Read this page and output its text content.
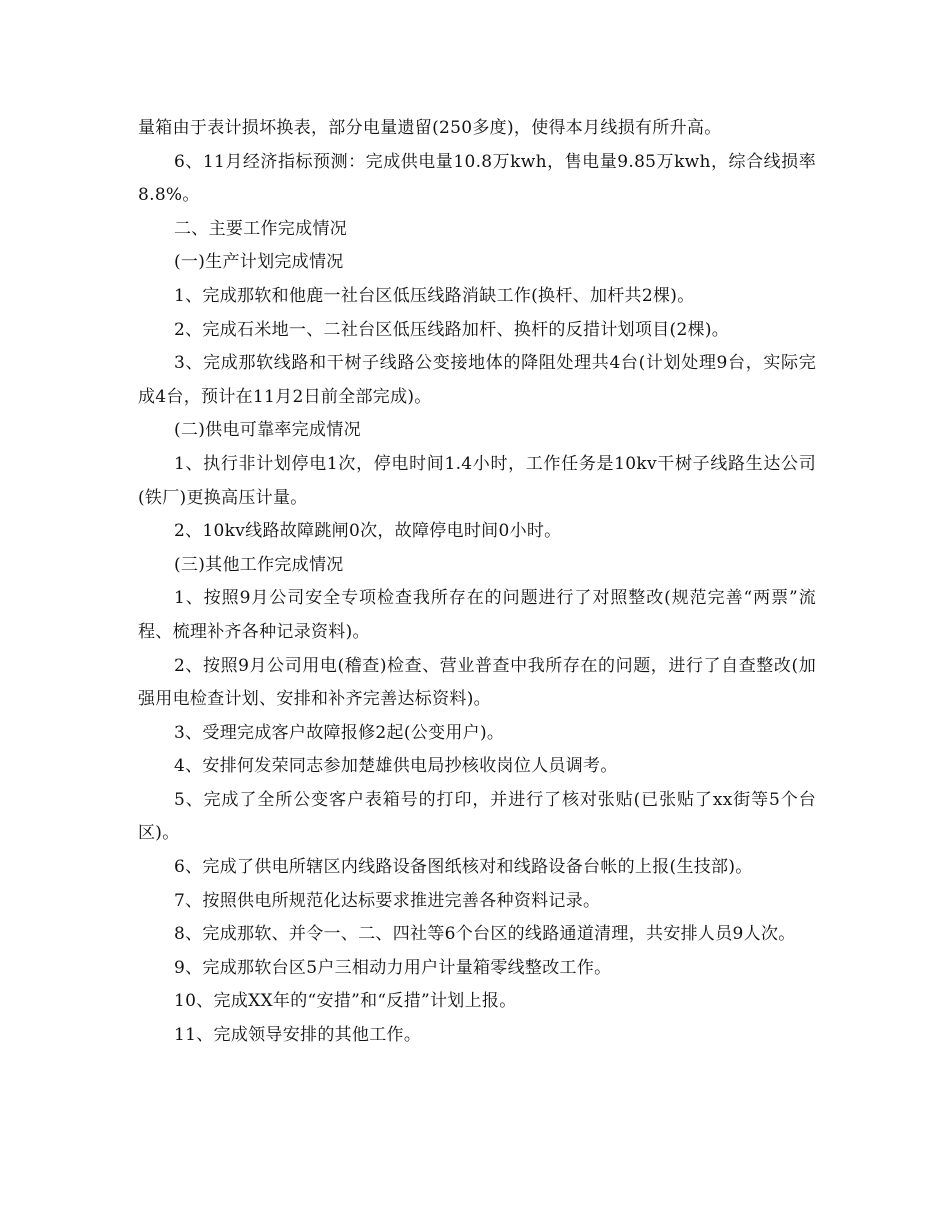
量箱由于表计损坏换表，部分电量遗留(250多度)，使得本月线损有所升高。

6、11月经济指标预测：完成供电量10.8万kwh，售电量9.85万kwh，综合线损率8.8%。

二、主要工作完成情况

(一)生产计划完成情况

1、完成那软和他鹿一社台区低压线路消缺工作(换杆、加杆共2棵)。

2、完成石米地一、二社台区低压线路加杆、换杆的反措计划项目(2棵)。

3、完成那软线路和干树子线路公变接地体的降阻处理共4台(计划处理9台，实际完成4台，预计在11月2日前全部完成)。

(二)供电可靠率完成情况

1、执行非计划停电1次，停电时间1.4小时，工作任务是10kv干树子线路生达公司(铁厂)更换高压计量。

2、10kv线路故障跳闸0次，故障停电时间0小时。

(三)其他工作完成情况

1、按照9月公司安全专项检查我所存在的问题进行了对照整改(规范完善“两票”流程、梳理补齐各种记录资料)。

2、按照9月公司用电(稽查)检查、营业普查中我所存在的问题，进行了自查整改(加强用电检查计划、安排和补齐完善达标资料)。

3、受理完成客户故障报修2起(公变用户)。

4、安排何发荣同志参加楚雄供电局抄核收岗位人员调考。

5、完成了全所公变客户表箱号的打印，并进行了核对张贴(已张贴了xx街等5个台区)。

6、完成了供电所辖区内线路设备图纸核对和线路设备台帐的上报(生技部)。

7、按照供电所规范化达标要求推进完善各种资料记录。

8、完成那软、并令一、二、四社等6个台区的线路通道清理，共安排人员9人次。

9、完成那软台区5户三相动力用户计量箱零线整改工作。

10、完成XX年的“安措”和“反措”计划上报。

11、完成领导安排的其他工作。
